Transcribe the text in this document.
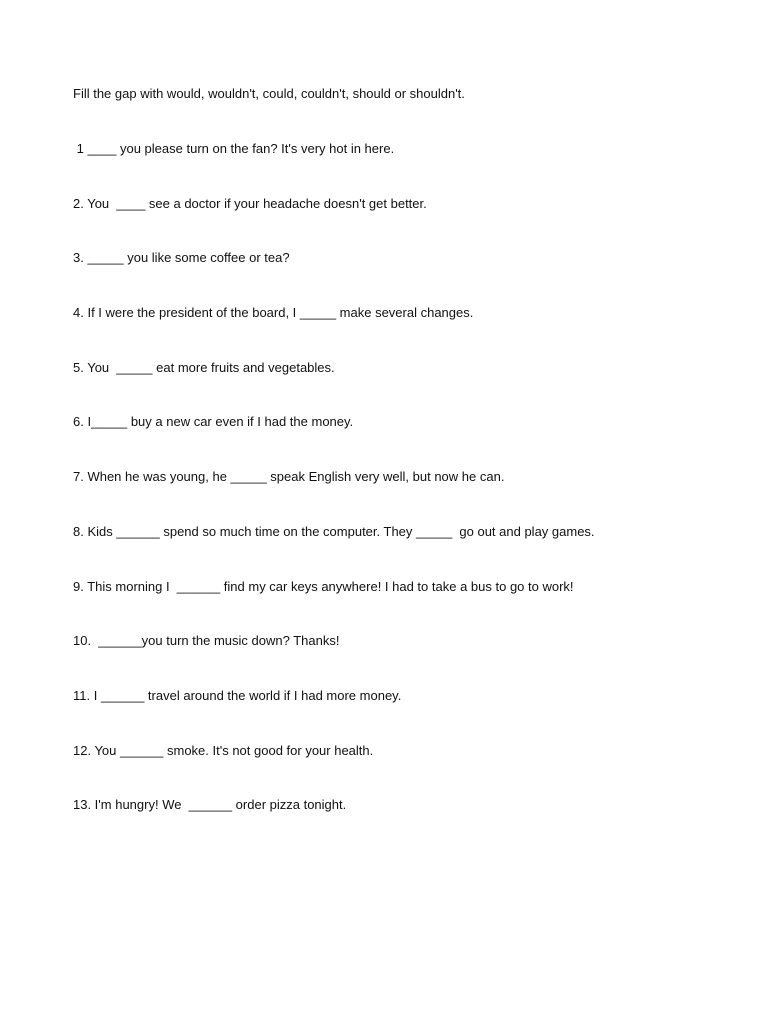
Fill the gap with would, wouldn't, could, couldn't, should or shouldn't.
1 ____ you please turn on the fan? It's very hot in here.
2. You  ____ see a doctor if your headache doesn't get better.
3. _____ you like some coffee or tea?
4. If I were the president of the board, I _____ make several changes.
5. You  _____ eat more fruits and vegetables.
6. I_____ buy a new car even if I had the money.
7. When he was young, he _____ speak English very well, but now he can.
8. Kids ______ spend so much time on the computer. They _____  go out and play games.
9. This morning I  ______ find my car keys anywhere! I had to take a bus to go to work!
10.  ______you turn the music down? Thanks!
11. I ______ travel around the world if I had more money.
12. You ______ smoke. It's not good for your health.
13. I'm hungry! We  ______ order pizza tonight.
